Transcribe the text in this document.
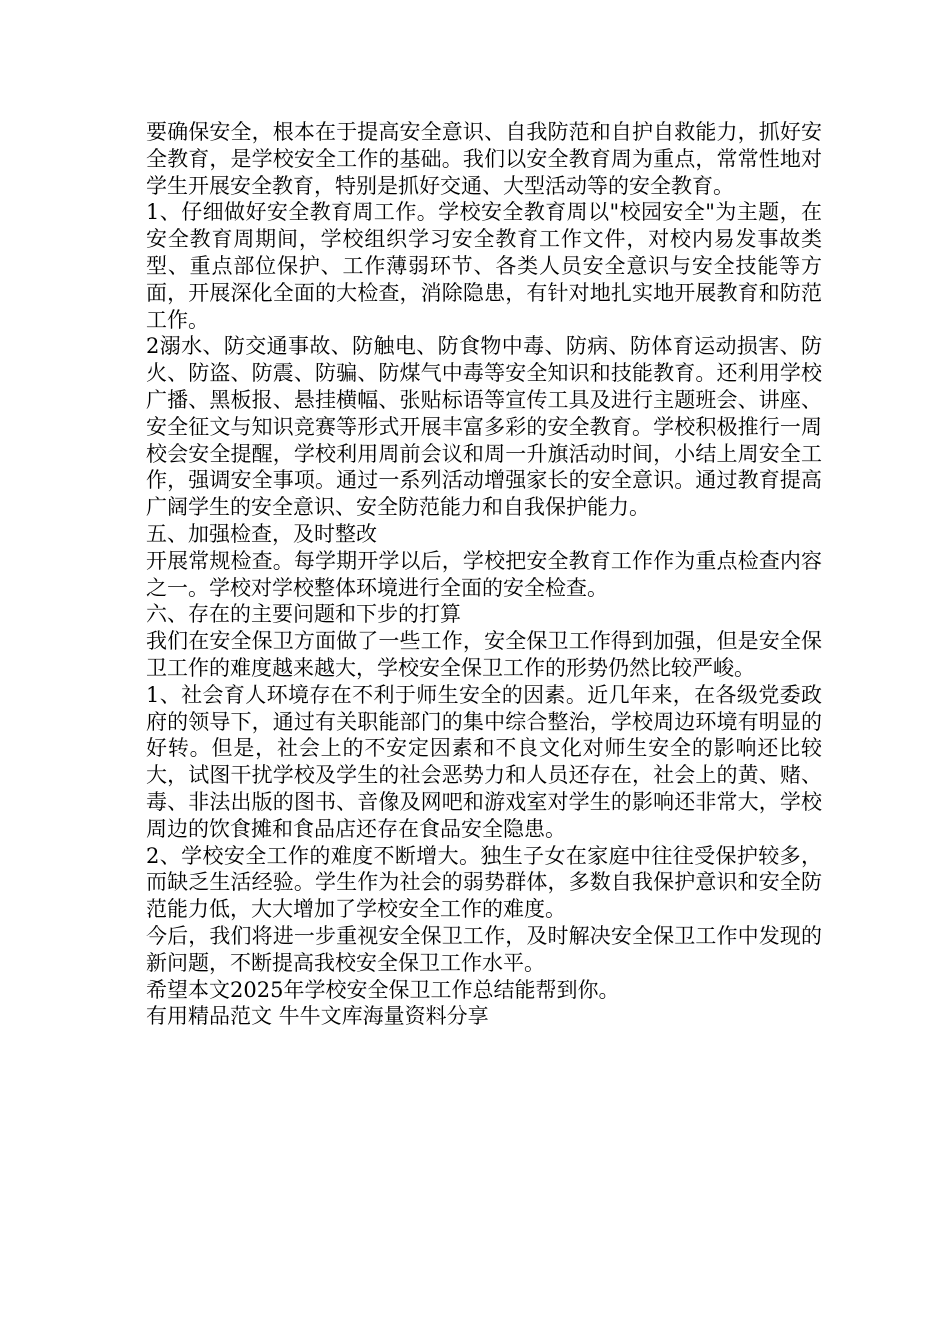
要确保安全，根本在于提高安全意识、自我防范和自护自救能力，抓好安全教育，是学校安全工作的基础。我们以安全教育周为重点，常常性地对学生开展安全教育，特别是抓好交通、大型活动等的安全教育。

1、仔细做好安全教育周工作。学校安全教育周以"校园安全"为主题，在安全教育周期间，学校组织学习安全教育工作文件，对校内易发事故类型、重点部位保护、工作薄弱环节、各类人员安全意识与安全技能等方面，开展深化全面的大检查，消除隐患，有针对地扎实地开展教育和防范工作。

2溺水、防交通事故、防触电、防食物中毒、防病、防体育运动损害、防火、防盗、防震、防骗、防煤气中毒等安全知识和技能教育。还利用学校广播、黑板报、悬挂横幅、张贴标语等宣传工具及进行主题班会、讲座、安全征文与知识竞赛等形式开展丰富多彩的安全教育。学校积极推行一周校会安全提醒，学校利用周前会议和周一升旗活动时间，小结上周安全工作，强调安全事项。通过一系列活动增强家长的安全意识。通过教育提高广阔学生的安全意识、安全防范能力和自我保护能力。

五、加强检查，及时整改

开展常规检查。每学期开学以后，学校把安全教育工作作为重点检查内容之一。学校对学校整体环境进行全面的安全检查。

六、存在的主要问题和下步的打算

我们在安全保卫方面做了一些工作，安全保卫工作得到加强，但是安全保卫工作的难度越来越大，学校安全保卫工作的形势仍然比较严峻。

1、社会育人环境存在不利于师生安全的因素。近几年来，在各级党委政府的领导下，通过有关职能部门的集中综合整治，学校周边环境有明显的好转。但是，社会上的不安定因素和不良文化对师生安全的影响还比较大，试图干扰学校及学生的社会恶势力和人员还存在，社会上的黄、赌、毒、非法出版的图书、音像及网吧和游戏室对学生的影响还非常大，学校周边的饮食摊和食品店还存在食品安全隐患。

2、学校安全工作的难度不断增大。独生子女在家庭中往往受保护较多，而缺乏生活经验。学生作为社会的弱势群体，多数自我保护意识和安全防范能力低，大大增加了学校安全工作的难度。

今后，我们将进一步重视安全保卫工作，及时解决安全保卫工作中发现的新问题，不断提高我校安全保卫工作水平。

希望本文2025年学校安全保卫工作总结能帮到你。

有用精品范文 牛牛文库海量资料分享
